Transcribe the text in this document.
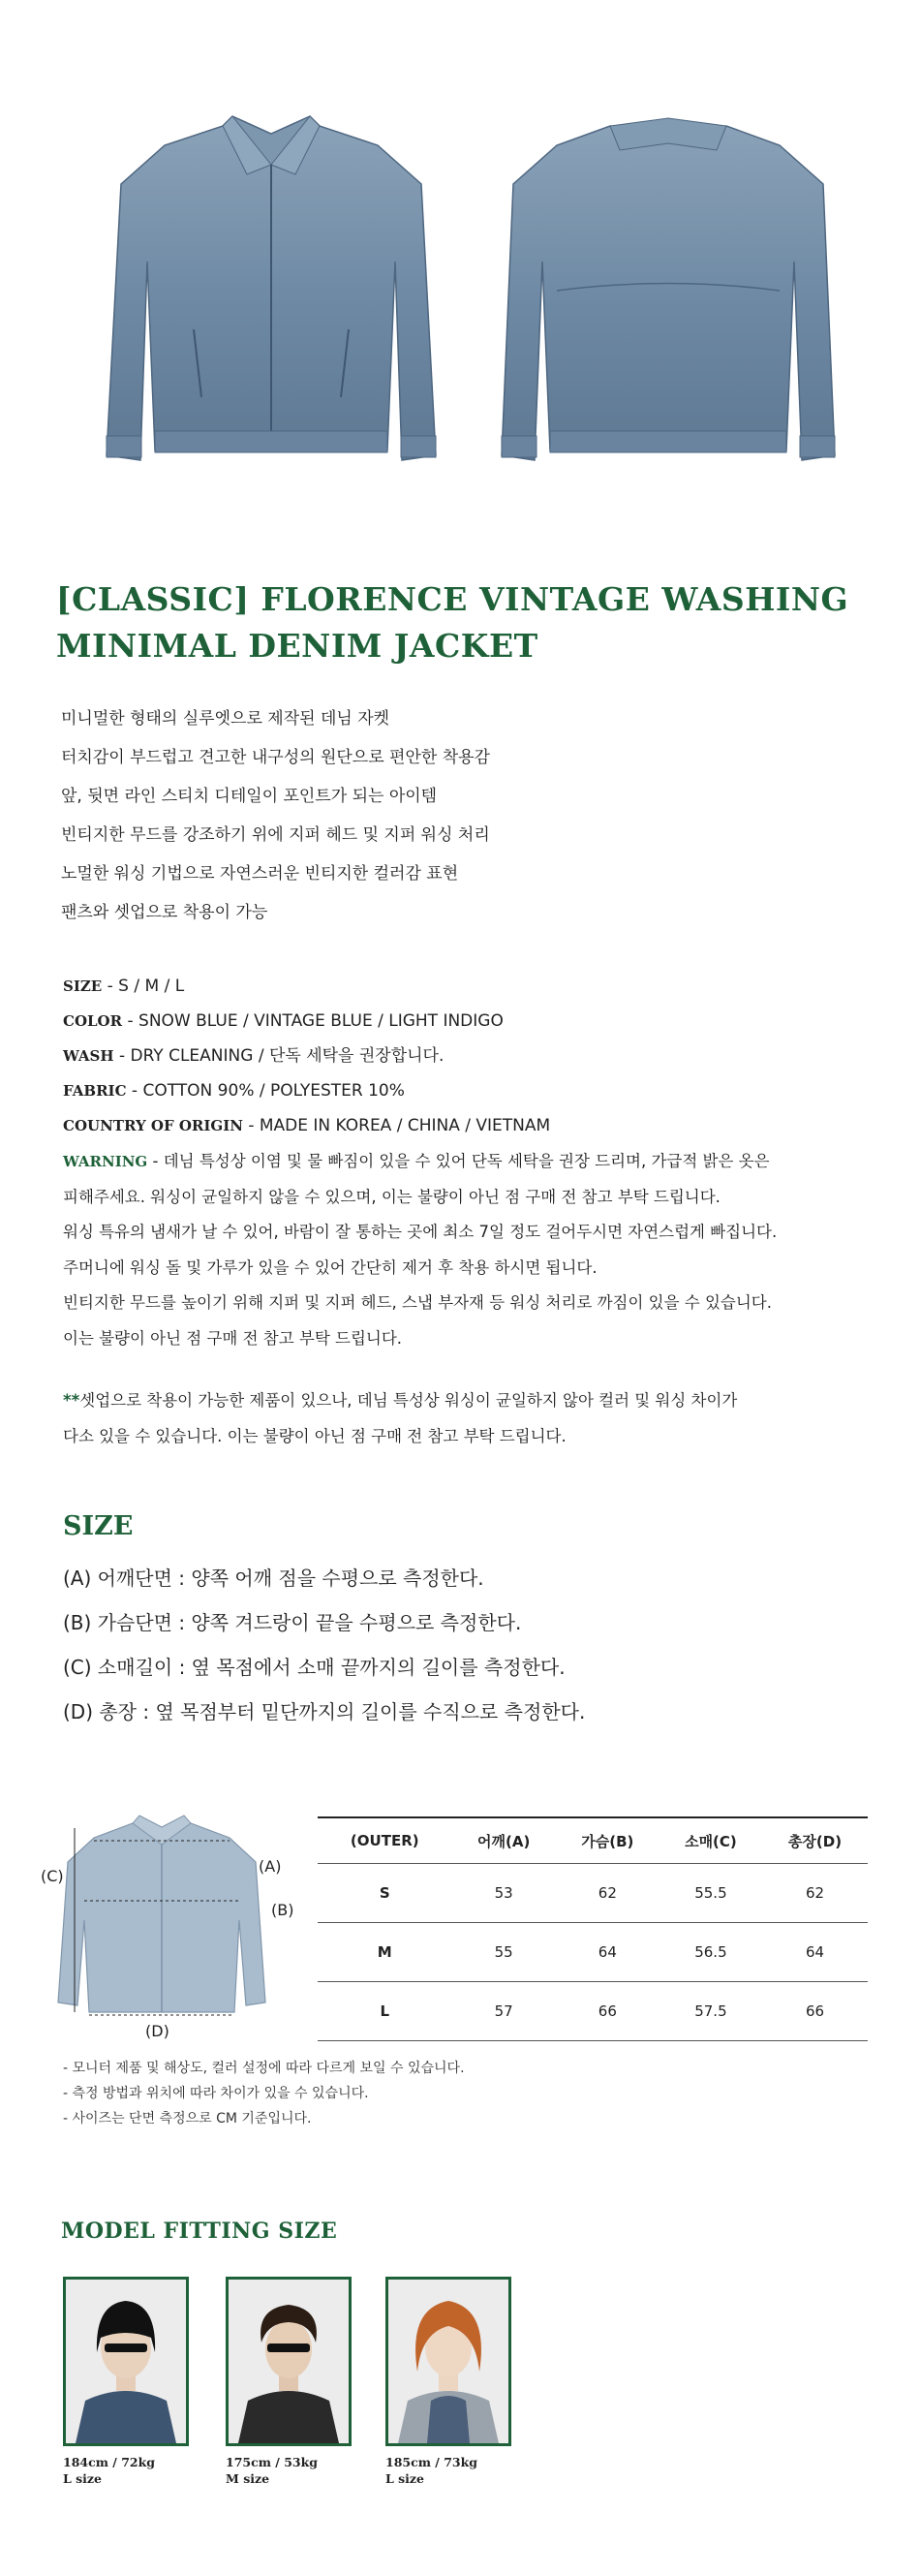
[CLASSIC] FLORENCE VINTAGE WASHING
MINIMAL DENIM JACKET
미니멀한 형태의 실루엣으로 제작된 데님 자켓
터치감이 부드럽고 견고한 내구성의 원단으로 편안한 착용감
앞, 뒷면 라인 스티치 디테일이 포인트가 되는 아이템
빈티지한 무드를 강조하기 위에 지퍼 헤드 및 지퍼 워싱 처리
노멀한 워싱 기법으로 자연스러운 빈티지한 컬러감 표현
팬츠와 셋업으로 착용이 가능
SIZE - S / M / L
COLOR - SNOW BLUE / VINTAGE BLUE / LIGHT INDIGO
WASH - DRY CLEANING / 단독 세탁을 권장합니다.
FABRIC - COTTON 90% / POLYESTER 10%
COUNTRY OF ORIGIN - MADE IN KOREA / CHINA / VIETNAM
WARNING - 데님 특성상 이염 및 물 빠짐이 있을 수 있어 단독 세탁을 권장 드리며, 가급적 밝은 옷은
피해주세요. 워싱이 균일하지 않을 수 있으며, 이는 불량이 아닌 점 구매 전 참고 부탁 드립니다.
워싱 특유의 냄새가 날 수 있어, 바람이 잘 통하는 곳에 최소 7일 정도 걸어두시면 자연스럽게 빠집니다.
주머니에 워싱 돌 및 가루가 있을 수 있어 간단히 제거 후 착용 하시면 됩니다.
빈티지한 무드를 높이기 위해 지퍼 및 지퍼 헤드, 스냅 부자재 등 워싱 처리로 까짐이 있을 수 있습니다.
이는 불량이 아닌 점 구매 전 참고 부탁 드립니다.
**셋업으로 착용이 가능한 제품이 있으나, 데님 특성상 워싱이 균일하지 않아 컬러 및 워싱 차이가
다소 있을 수 있습니다. 이는 불량이 아닌 점 구매 전 참고 부탁 드립니다.
SIZE
(A) 어깨단면 : 양쪽 어깨 점을 수평으로 측정한다.
(B) 가슴단면 : 양쪽 겨드랑이 끝을 수평으로 측정한다.
(C) 소매길이 : 옆 목점에서 소매 끝까지의 길이를 측정한다.
(D) 총장 : 옆 목점부터 밑단까지의 길이를 수직으로 측정한다.
(A)
(B)
(C)
(D)
(OUTER)	어깨(A)	가슴(B)	소매(C)	총장(D)
S	53	62	55.5	62
M	55	64	56.5	64
L	57	66	57.5	66
- 모니터 제품 및 해상도, 컬러 설정에 따라 다르게 보일 수 있습니다.
- 측정 방법과 위치에 따라 차이가 있을 수 있습니다.
- 사이즈는 단면 측정으로 CM 기준입니다.
MODEL FITTING SIZE
184cm / 72kg
L size
175cm / 53kg
M size
185cm / 73kg
L size
